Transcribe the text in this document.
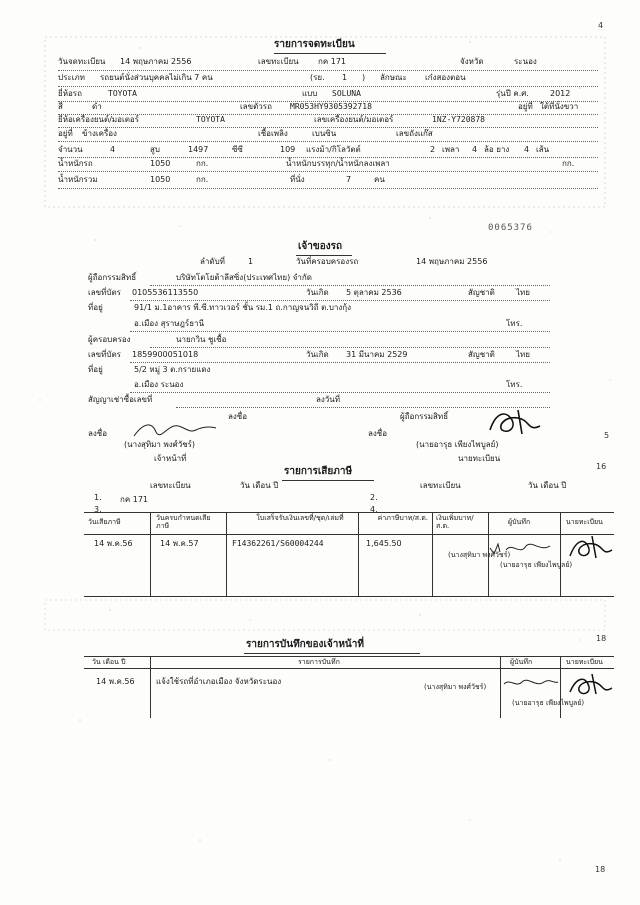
4
5
16
18
18
รายการจดทะเบียน
วันจดทะเบียน 14 พฤษภาคม 2556	เลขทะเบียน กค 171	จังหวัด	ระนอง
ประเภท รถยนต์นั่งส่วนบุคคลไม่เกิน 7 คน	(รย. 1 ) ลักษณะ เก๋งสองตอน
ยี่ห้อรถ	TOYOTA	แบบ SOLUNA	รุ่นปี ค.ศ.	2012
สี	ดำ	เลขตัวรถ MR053HY9305392718	อยู่ที่ ใต้ที่นั่งขวา
ยี่ห้อเครื่องยนต์/มอเตอร์	TOYOTA	เลขเครื่องยนต์/มอเตอร์	1NZ-Y720878
อยู่ที่ ข้างเครื่อง	เชื้อเพลิง	เบนซิน	เลขถังแก๊ส
จำนวน	4	สูบ	1497	ซีซี	109 แรงม้า/กิโลวัตต์	2 เพลา 4 ล้อ ยาง 4 เส้น
น้ำหนักรถ	1050	กก.	น้ำหนักบรรทุก/น้ำหนักลงเพลา	กก.
น้ำหนักรวม	1050	กก.	ที่นั่ง	7	คน
0065376
เจ้าของรถ
ลำดับที่	1	วันที่ครอบครองรถ	14 พฤษภาคม 2556
ผู้ถือกรรมสิทธิ์	บริษัทโตโยต้าลีสซิ่ง(ประเทศไทย) จำกัด
เลขที่บัตร 0105536113550	วันเกิด 5 ตุลาคม 2536	สัญชาติ	ไทย
ที่อยู่	91/1 ม.1อาคาร พี.ซี.ทาวเวอร์ ชั้น รม.1 ถ.กาญจนวิถี ต.บางกุ้ง
อ.เมือง สุราษฎร์ธานี	โทร.
ผู้ครอบครอง	นายกวิน ชูเชื้อ
เลขที่บัตร 1859900051018	วันเกิด 31 มีนาคม 2529	สัญชาติ	ไทย
ที่อยู่	5/2 หมู่ 3 ต.กรายแดง
อ.เมือง ระนอง	โทร.
สัญญาเช่าซื้อเลขที่	ลงวันที่
ลงชื่อ	ผู้ถือกรรมสิทธิ์
ลงชื่อ
(นางสุทิมา พงศ์วัชร์)
เจ้าหน้าที่
ลงชื่อ
(นายอารุธ เพียงไพบูลย์)
นายทะเบียน
รายการเสียภาษี
เลขทะเบียน	วัน เดือน ปี	เลขทะเบียน	วัน เดือน ปี
1. กค 171	2.
3.	4.
วันเสียภาษี	วันครบกำหนดเสียภาษี
ใบเสร็จรับเงินเลขที่/ชุด/เล่มที่	ค่าภาษีบาท/ส.ต. เงินเพิ่มบาท/ส.ต.
ผู้บันทึก	นายทะเบียน
14 พ.ค.56	14 พ.ค.57	F14362261/S60004244	1,645.50
(นางสุทิมา พงศ์วัชร์)
(นายอารุธ เพียงไพบูลย์)
รายการบันทึกของเจ้าหน้าที่
วัน เดือน ปี	รายการบันทึก	ผู้บันทึก	นายทะเบียน
14 พ.ค.56	แจ้งใช้รถที่อำเภอเมือง จังหวัดระนอง
(นางสุทิมา พงศ์วัชร์)
(นายอารุธ เพียงไพบูลย์)
